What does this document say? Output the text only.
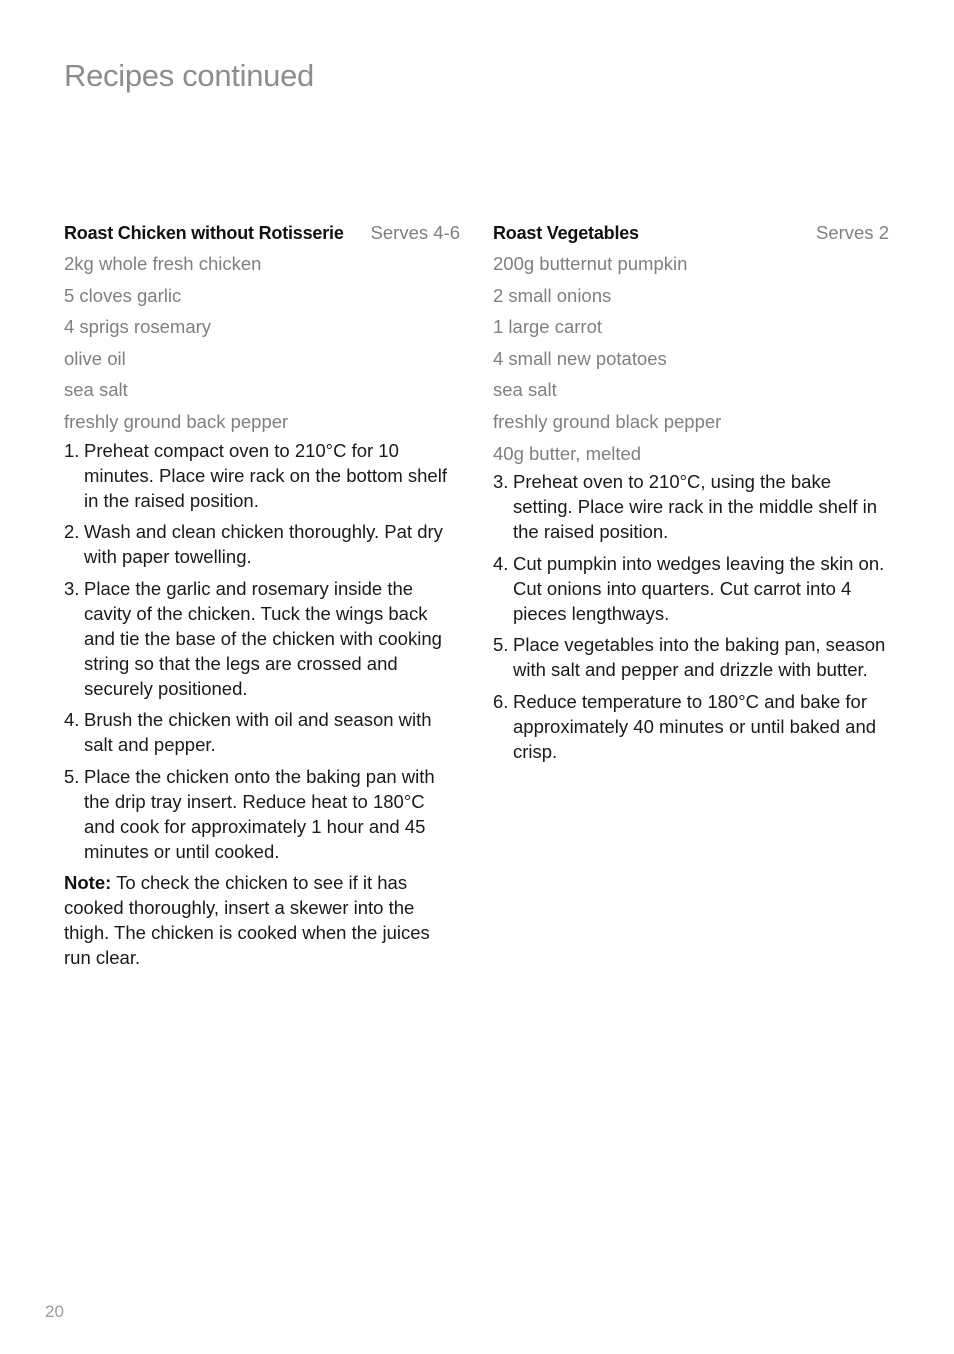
Recipes continued
Roast Chicken without Rotisserie Serves 4-6
2kg whole fresh chicken
5 cloves garlic
4 sprigs rosemary
olive oil
sea salt
freshly ground back pepper
1. Preheat compact oven to 210°C for 10 minutes. Place wire rack on the bottom shelf in the raised position.
2. Wash and clean chicken thoroughly. Pat dry with paper towelling.
3. Place the garlic and rosemary inside the cavity of the chicken. Tuck the wings back and tie the base of the chicken with cooking string so that the legs are crossed and securely positioned.
4. Brush the chicken with oil and season with salt and pepper.
5. Place the chicken onto the baking pan with the drip tray insert. Reduce heat to 180°C and cook for approximately 1 hour and 45 minutes or until cooked.

Note: To check the chicken to see if it has cooked thoroughly, insert a skewer into the thigh. The chicken is cooked when the juices run clear.

Roast Vegetables	Serves 2
200g butternut pumpkin
2 small onions
1 large carrot
4 small new potatoes
sea salt
freshly ground black pepper
40g butter, melted
3. Preheat oven to 210°C, using the bake setting. Place wire rack in the middle shelf in the raised position.
4. Cut pumpkin into wedges leaving the skin on. Cut onions into quarters. Cut carrot into 4 pieces lengthways.
5. Place vegetables into the baking pan, season with salt and pepper and drizzle with butter.
6. Reduce temperature to 180°C and bake for approximately 40 minutes or until baked and crisp.
20
